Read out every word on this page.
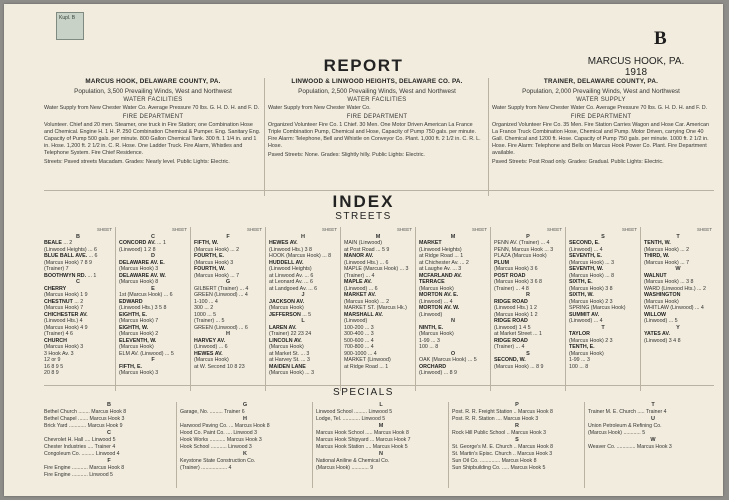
Kupl. B
B
MARCUS HOOK, PA.
1918
REPORT
MARCUS HOOK, DELAWARE COUNTY, PA.
Population, 3,500 Prevailing Winds, West and Northwest
WATER FACILITIES

Water Supply from New Chester Water Co. Average Pressure 70 lbs. G. H. D. H. and F. D.

FIRE DEPARTMENT

Volunteer. Chief and 20 men. Steamer, one truck in Fire Station; one Combination Hose and Chemical. Engine H. 1 H. P. 250 Combination Chemical & Pumper. Eng. Sanitary Eng. Capacity of Pump 500 gals. per minute. 800 Gallon Chemical Tank. 300 ft. 1 1/4 in. and 1 in. Hose. 1,200 ft. 2 1/2 in. C. R. Hose. One Ladder Truck. Fire Alarm, Whistles and Telephone System. Fire Chief Residence.

Streets: Paved streets Macadam. Grades: Nearly level. Public Lights: Electric.

LINWOOD & LINWOOD HEIGHTS, DELAWARE CO. PA.
Population, 2,500 Prevailing Winds, West and Northwest
WATER FACILITIES

Water Supply from New Chester Water Co.

FIRE DEPARTMENT

Organized Volunteer Fire Co. 1 Chief. 30 Men. One Motor Driven American La France Triple Combination Pump, Chemical and Hose, Capacity of Pump 750 gals. per minute. Fire Alarm: Telephone, Bell and Whistle on Conveyor Co. Plant. 1,000 ft. 2 1/2 in. C. R. L. Hose.

Paved Streets: None. Grades: Slightly hilly. Public Lights: Electric.

TRAINER, DELAWARE COUNTY, PA.
Population, 2,000 Prevailing Winds, West and Northwest
WATER SUPPLY

Water Supply from New Chester Water Co. Average Pressure 70 lbs. G. H. D. H. and F. D.

FIRE DEPARTMENT

Organized Volunteer Fire Co. 35 Men. Fire Station Carries Wagon and Hose Car. American La France Truck Combination Hose, Chemical and Pump. Motor Driven, carrying One 40 Gall. Chemical and 1200 ft. Hose. Capacity of Pump 750 gals. per minute. 1000 ft. 2 1/2 in. Hose. Fire Alarm: Telephone and Bells on Marcus Hook Power Co. Plant. Fire Department available.

Paved Streets: Post Road only. Grades: Gradual. Public Lights: Electric.

INDEX
STREETS
SHEET
B
BEALE ... 2
(Linwood Heights) ... 6
BLUE BALL AVE. ... 6
(Marcus Hook) 7 8 9
(Trainer) 7
BOOTHWYN RD. ... 1
C
CHERRY
(Marcus Hook) 1 9
CHESTNUT ... 2
(Marcus Hook) 7
CHICHESTER AV.
(Linwood Hts.) 4
(Marcus Hook) 4 9
(Trainer) 4 6
CHURCH
(Marcus Hook) 3
3 Hook Av. 3
12 or 9
16 8 9 5
20 8 9
SHEET
C
CONCORD AV. ... 1
(Linwood) 1 2 8
D
DELAWARE AV. E.
(Marcus Hook) 3
DELAWARE AV. W.
(Marcus Hook) 8
E
1st (Marcus Hook) ... 6
EDWARD
(Linwood Hts.) 3 5 8
EIGHTH, E.
(Marcus Hook) 7
EIGHTH, W.
(Marcus Hook) 2
ELEVENTH, W.
(Marcus Hook)
ELM AV. (Linwood) ... 5
F
FIFTH, E.
(Marcus Hook) 3
SHEET
F
FIFTH, W.
(Marcus Hook) ... 2
FOURTH, E.
(Marcus Hook) 3
FOURTH, W.
(Marcus Hook) ... 7
G
GILBERT (Trainer) ... 4
GREEN (Linwood) ... 4
1-100 ... 4
300 ... 2
1000 ... 5
(Trainer) ... 5
GREEN (Linwood) ... 6
H
HARVEY AV.
(Linwood) ... 6
HEWES AV.
(Marcus Hook)
at W. Second 10 8 23
SHEET
H
HEWES AV.
(Linwood Hts.) 3 8
HOOK (Marcus Hook) ... 8
HUDDELL AV.
(Linwood Heights)
at Linwood Av. ... 6
at Leonard Av. ... 6
at Landgoed Av. ... 6
J
JACKSON AV.
(Marcus Hook)
JEFFERSON ... 5
L
LAREN AV.
(Trainer) 22 23 24
LINCOLN AV.
(Marcus Hook)
at Market St. ... 3
at Harvey St. ... 3
MAIDEN LANE
(Marcus Hook) ... 3
SHEET
M
MAIN (Linwood)
at Post Road ... 5 9
MANOR AV.
(Linwood Hts.) ... 6
MAPLE (Marcus Hook) ... 3
(Trainer) ... 4
MAPLE AV.
(Linwood) ... 6
MARKET AV.
(Marcus Hook) ... 2
MARKET ST. (Marcus Hk.)
MARSHALL AV.
(Linwood)
100-200 ... 3
300-400 ... 3
500-600 ... 4
700-800 ... 4
900-1000 ... 4
MARKET (Linwood)
at Ridge Road ... 1
SHEET
M
MARKET
(Linwood Heights)
at Ridge Road ... 1
at Chichester Av. ... 2
at Laughe Av. ... 3
MCFARLAND AV.
TERRACE
(Marcus Hook)
MORTON AV. E.
(Linwood) ... 4
MORTON AV. W.
(Linwood)
N
NINTH, E.
(Marcus Hook)
1-99 ... 3
100 ... 8
O
OAK (Marcus Hook) ... 5
ORCHARD
(Linwood) ... 8 9
SHEET
P
PENN AV. (Trainer) ... 4
PENN, Marcus Hook ... 3
PLAZA (Marcus Hook)
PLUM
(Marcus Hook) 3 6
POST ROAD
(Marcus Hook) 3 6 8
(Trainer) ... 4 8
R
RIDGE ROAD
(Linwood Hts.) 1 2
(Marcus Hook) 1 2
RIDGE ROAD
(Linwood) 1 4 5
at Market Street ... 1
RIDGE ROAD
(Trainer) ... 4
S
SECOND, W.
(Marcus Hook) ... 8 9
SHEET
S
SECOND, E.
(Linwood) ... 4
SEVENTH, E.
(Marcus Hook) ... 3
SEVENTH, W.
(Marcus Hook) ... 8
SIXTH, E.
(Marcus Hook) 3 8
SIXTH, W.
(Marcus Hook) 2 3
SPRING (Marcus Hook)
SUMMIT AV.
(Linwood) ... 4
T
TAYLOR
(Marcus Hook) 2 3
TENTH, E.
(Marcus Hook)
1-99 ... 3
100 ... 8
SHEET
T
TENTH, W.
(Marcus Hook) ... 2
THIRD, W.
(Marcus Hook) ... 7
W
WALNUT
(Marcus Hook) ... 3 8
WARD (Linwood Hts.) ... 2
WASHINGTON
(Marcus Hook)
WHITLAW (Linwood) ... 4
WILLOW
(Linwood) ... 5
Y
YATES AV.
(Linwood) 3 4 8
SPECIALS
B
Bethel Church ........ Marcus Hook 8
Bethel Chapel ....... Marcus Hook 3
Brick Yard ............ Marcus Hook 9
C
Chevrolet H. Hall .... Linwood 5
Chester Industries .... Trainer 4
Congoleum Co. ......... Linwood 4
F
Fire Engine ........... Marcus Hook 8
Fire Engine ........... Linwood 5
G
Garage, No. ......... Trainer 6
H
Harwood Paving Co. ... Marcus Hook 8
Hood Co. Paint Co. .... Linwood 3
Hook Works ........... Marcus Hook 3
Hook School ........... Linwood 3
K
Keystone State Construction Co.
(Trainer) .................. 4
L
Linwood School ......... Linwood 5
Lodge, Tel. ............ Linwood 5
M
Marcus Hook School ..... Marcus Hook 8
Marcus Hook Shipyard ... Marcus Hook 7
Marcus Hook Station .... Marcus Hook 5
N
National Aniline & Chemical Co.
(Marcus Hook) ............ 9
P
Post. R. R. Freight Station .. Marcus Hook 8
Post. R. R. Station .... Marcus Hook 3
R
Rock Hill Public School .. Marcus Hook 3
S
St. George's M. E. Church .. Marcus Hook 8
St. Martin's Episc. Church .. Marcus Hook 3
Sun Oil Co. .............. Marcus Hook 8
Sun Shipbuilding Co. ..... Marcus Hook 5
T
Trainer M. E. Church ..... Trainer 4
U
Union Petroleum & Refining Co.
(Marcus Hook) ............ 5
W
Weaver Co. ............. Marcus Hook 3
